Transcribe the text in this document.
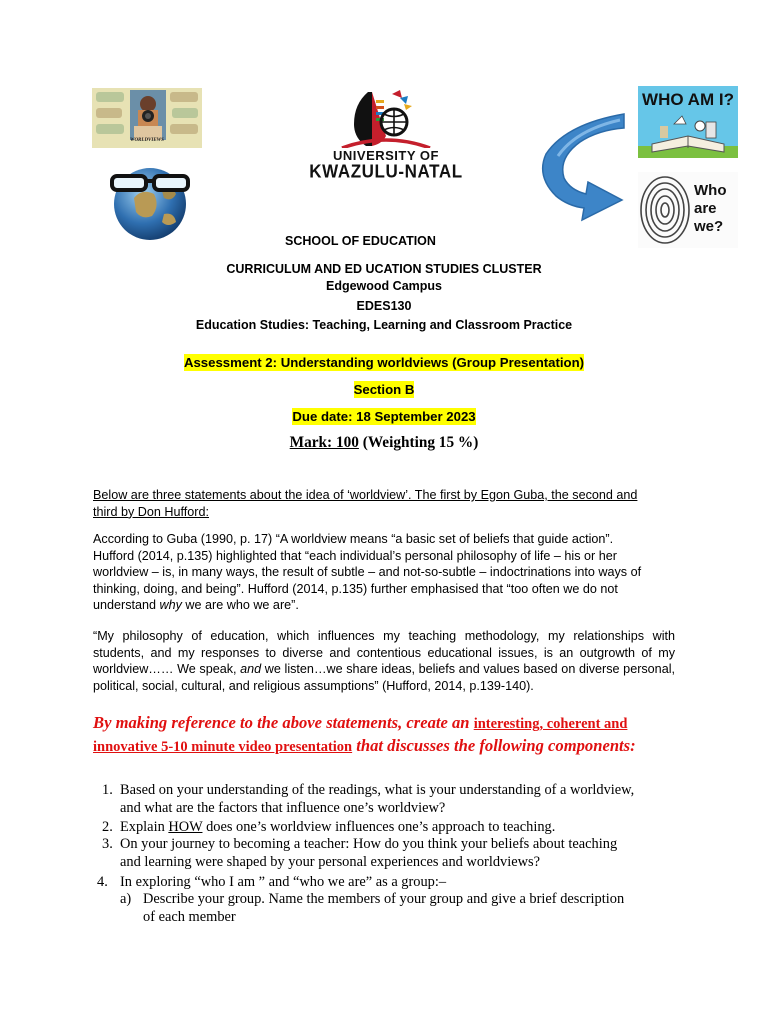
WORLDVIEWS
UNIVERSITY OF
KWAZULU-NATAL
WHO AM I?
Who
are
we?
SCHOOL OF EDUCATION
CURRICULUM AND ED UCATION STUDIES CLUSTER
Edgewood Campus
EDES130
Education Studies: Teaching, Learning and Classroom Practice
Assessment 2: Understanding worldviews (Group Presentation)
Section B
Due date: 18 September 2023
Mark: 100 (Weighting 15 %)
Below are three statements about the idea of ‘worldview’. The first by Egon Guba, the second and
third by Don Hufford:
According to Guba (1990, p. 17) “A worldview means “a basic set of beliefs that guide action”.
Hufford (2014, p.135) highlighted that “each individual’s personal philosophy of life – his or her
worldview – is, in many ways, the result of subtle – and not-so-subtle – indoctrinations into ways of
thinking, doing, and being”. Hufford (2014, p.135) further emphasised that “too often we do not
understand why we are who we are”.
“My philosophy of education, which influences my teaching methodology, my relationships with
students, and my responses to diverse and contentious educational issues, is an outgrowth of my
worldview…… We speak, and we listen…we share ideas, beliefs and values based on diverse personal,
political, social, cultural, and religious assumptions” (Hufford, 2014, p.139-140).
By making reference to the above statements, create an interesting, coherent and
innovative 5-10 minute video presentation that discusses the following components:
1. Based on your understanding of the readings, what is your understanding of a worldview,
and what are the factors that influence one’s worldview?
2. Explain HOW does one’s worldview influences one’s approach to teaching.
3. On your journey to becoming a teacher: How do you think your beliefs about teaching
and learning were shaped by your personal experiences and worldviews?
4. In exploring “who I am ” and “who we are” as a group:–
a) Describe your group. Name the members of your group and give a brief description
of each member
